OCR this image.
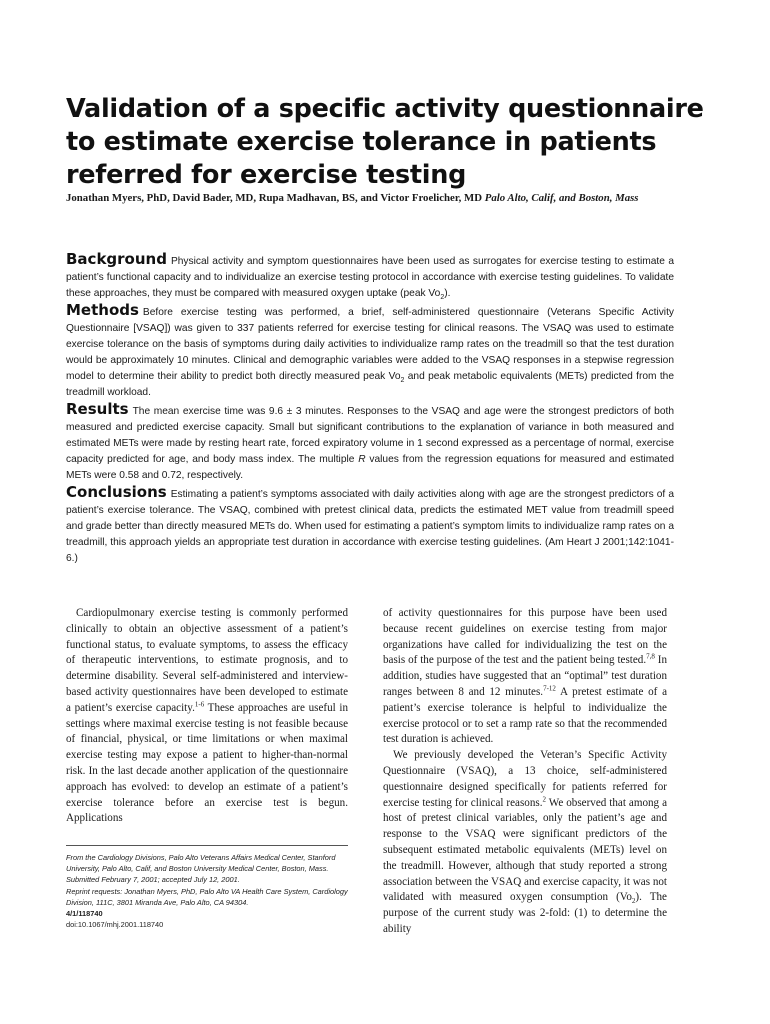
Validation of a specific activity questionnaire to estimate exercise tolerance in patients referred for exercise testing

Jonathan Myers, PhD, David Bader, MD, Rupa Madhavan, BS, and Victor Froelicher, MD Palo Alto, Calif, and Boston, Mass

Background Physical activity and symptom questionnaires have been used as surrogates for exercise testing to estimate a patient’s functional capacity and to individualize an exercise testing protocol in accordance with exercise testing guidelines. To validate these approaches, they must be compared with measured oxygen uptake (peak $Vo_2$).

Methods Before exercise testing was performed, a brief, self-administered questionnaire (Veterans Specific Activity Questionnaire [VSAQ]) was given to 337 patients referred for exercise testing for clinical reasons. The VSAQ was used to estimate exercise tolerance on the basis of symptoms during daily activities to individualize ramp rates on the treadmill so that the test duration would be approximately 10 minutes. Clinical and demographic variables were added to the VSAQ responses in a stepwise regression model to determine their ability to predict both directly measured peak $Vo_2$ and peak metabolic equivalents (METs) predicted from the treadmill workload.

Results The mean exercise time was 9.6 ± 3 minutes. Responses to the VSAQ and age were the strongest predictors of both measured and predicted exercise capacity. Small but significant contributions to the explanation of variance in both measured and estimated METs were made by resting heart rate, forced expiratory volume in 1 second expressed as a percentage of normal, exercise capacity predicted for age, and body mass index. The multiple R values from the regression equations for measured and estimated METs were 0.58 and 0.72, respectively.

Conclusions Estimating a patient’s symptoms associated with daily activities along with age are the strongest predictors of a patient’s exercise tolerance. The VSAQ, combined with pretest clinical data, predicts the estimated MET value from treadmill speed and grade better than directly measured METs do. When used for estimating a patient’s symptom limits to individualize ramp rates on a treadmill, this approach yields an appropriate test duration in accordance with exercise testing guidelines. (Am Heart J 2001;142:1041-6.)

Cardiopulmonary exercise testing is commonly performed clinically to obtain an objective assessment of a patient’s functional status, to evaluate symptoms, to assess the efficacy of therapeutic interventions, to estimate prognosis, and to determine disability. Several self-administered and interview-based activity questionnaires have been developed to estimate a patient’s exercise capacity.$^{1-6}$ These approaches are useful in settings where maximal exercise testing is not feasible because of financial, physical, or time limitations or when maximal exercise testing may expose a patient to higher-than-normal risk. In the last decade another application of the questionnaire approach has evolved: to develop an estimate of a patient’s exercise tolerance before an exercise test is begun. Applications

of activity questionnaires for this purpose have been used because recent guidelines on exercise testing from major organizations have called for individualizing the test on the basis of the purpose of the test and the patient being tested.$^{7,8}$ In addition, studies have suggested that an “optimal” test duration ranges between 8 and 12 minutes.$^{7-12}$ A pretest estimate of a patient’s exercise tolerance is helpful to individualize the exercise protocol or to set a ramp rate so that the recommended test duration is achieved.

We previously developed the Veteran’s Specific Activity Questionnaire (VSAQ), a 13 choice, self-administered questionnaire designed specifically for patients referred for exercise testing for clinical reasons.$^2$ We observed that among a host of pretest clinical variables, only the patient’s age and response to the VSAQ were significant predictors of the subsequent estimated metabolic equivalents (METs) level on the treadmill. However, although that study reported a strong association between the VSAQ and exercise capacity, it was not validated with measured oxygen consumption $(Vo_2)$. The purpose of the current study was 2-fold: (1) to determine the ability

From the Cardiology Divisions, Palo Alto Veterans Affairs Medical Center, Stanford University, Palo Alto, Calif, and Boston University Medical Center, Boston, Mass.
Submitted February 7, 2001; accepted July 12, 2001.
Reprint requests: Jonathan Myers, PhD, Palo Alto VA Health Care System, Cardiology Division, 111C, 3801 Miranda Ave, Palo Alto, CA 94304.
4/1/118740
doi:10.1067/mhj.2001.118740
